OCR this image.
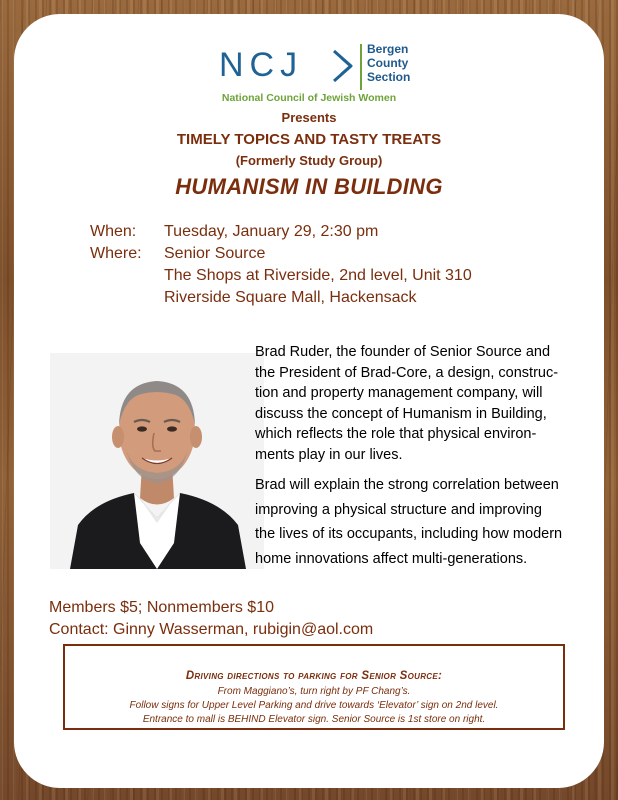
NCJ	Bergen
County
Section
National Council of Jewish Women
Presents
TIMELY TOPICS AND TASTY TREATS
(Formerly Study Group)
HUMANISM IN BUILDING
When:	Tuesday, January 29, 2:30 pm
Where:	Senior Source
The Shops at Riverside, 2nd level, Unit 310
Riverside Square Mall, Hackensack

Brad Ruder, the founder of Senior Source and
the President of Brad-Core, a design, construc-
tion and property management company, will
discuss the concept of Humanism in Building,
which reflects the role that physical environ-
ments play in our lives.

Brad will explain the strong correlation between
improving a physical structure and improving
the lives of its occupants, including how modern
home innovations affect multi-generations.

Members $5; Nonmembers $10
Contact: Ginny Wasserman, rubigin@aol.com
Driving directions to parking for Senior Source:
From Maggiano’s, turn right by PF Chang’s.
Follow signs for Upper Level Parking and drive towards ‘Elevator’ sign on 2nd level.
Entrance to mall is BEHIND Elevator sign. Senior Source is 1st store on right.
